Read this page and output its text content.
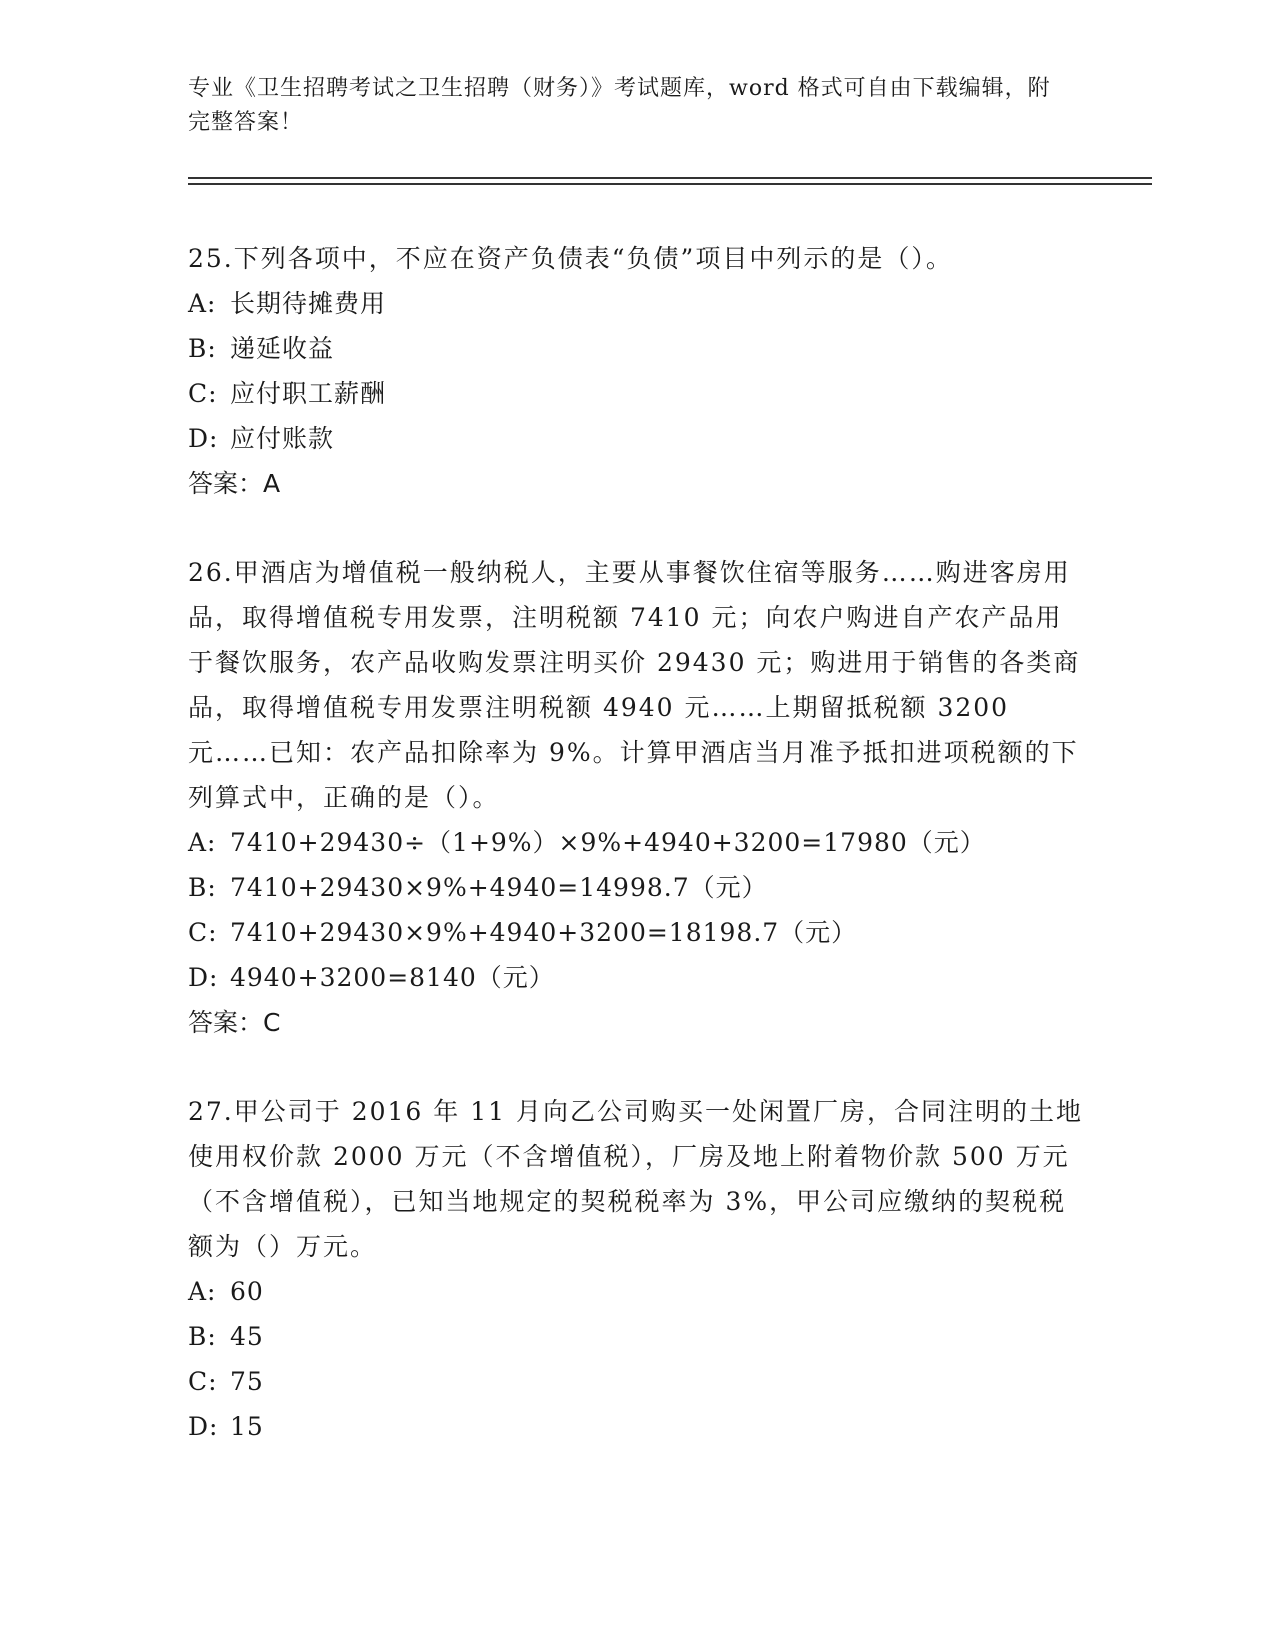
专业《卫生招聘考试之卫生招聘（财务）》考试题库，word 格式可自由下载编辑，附完整答案！

25.下列各项中，不应在资产负债表“负债”项目中列示的是（）。

A: 长期待摊费用

B: 递延收益

C: 应付职工薪酬

D: 应付账款

答案：A

26.甲酒店为增值税一般纳税人，主要从事餐饮住宿等服务……购进客房用品，取得增值税专用发票，注明税额 7410 元；向农户购进自产农产品用于餐饮服务，农产品收购发票注明买价 29430 元；购进用于销售的各类商品，取得增值税专用发票注明税额 4940 元……上期留抵税额 3200 元……已知：农产品扣除率为 9%。计算甲酒店当月准予抵扣进项税额的下列算式中，正确的是（）。

A: 7410+29430÷（1+9%）×9%+4940+3200=17980（元）

B: 7410+29430×9%+4940=14998.7（元）

C: 7410+29430×9%+4940+3200=18198.7（元）

D: 4940+3200=8140（元）

答案：C

27.甲公司于 2016 年 11 月向乙公司购买一处闲置厂房，合同注明的土地使用权价款 2000 万元（不含增值税），厂房及地上附着物价款 500 万元（不含增值税），已知当地规定的契税税率为 3%，甲公司应缴纳的契税税额为（）万元。

A: 60

B: 45

C: 75

D: 15
